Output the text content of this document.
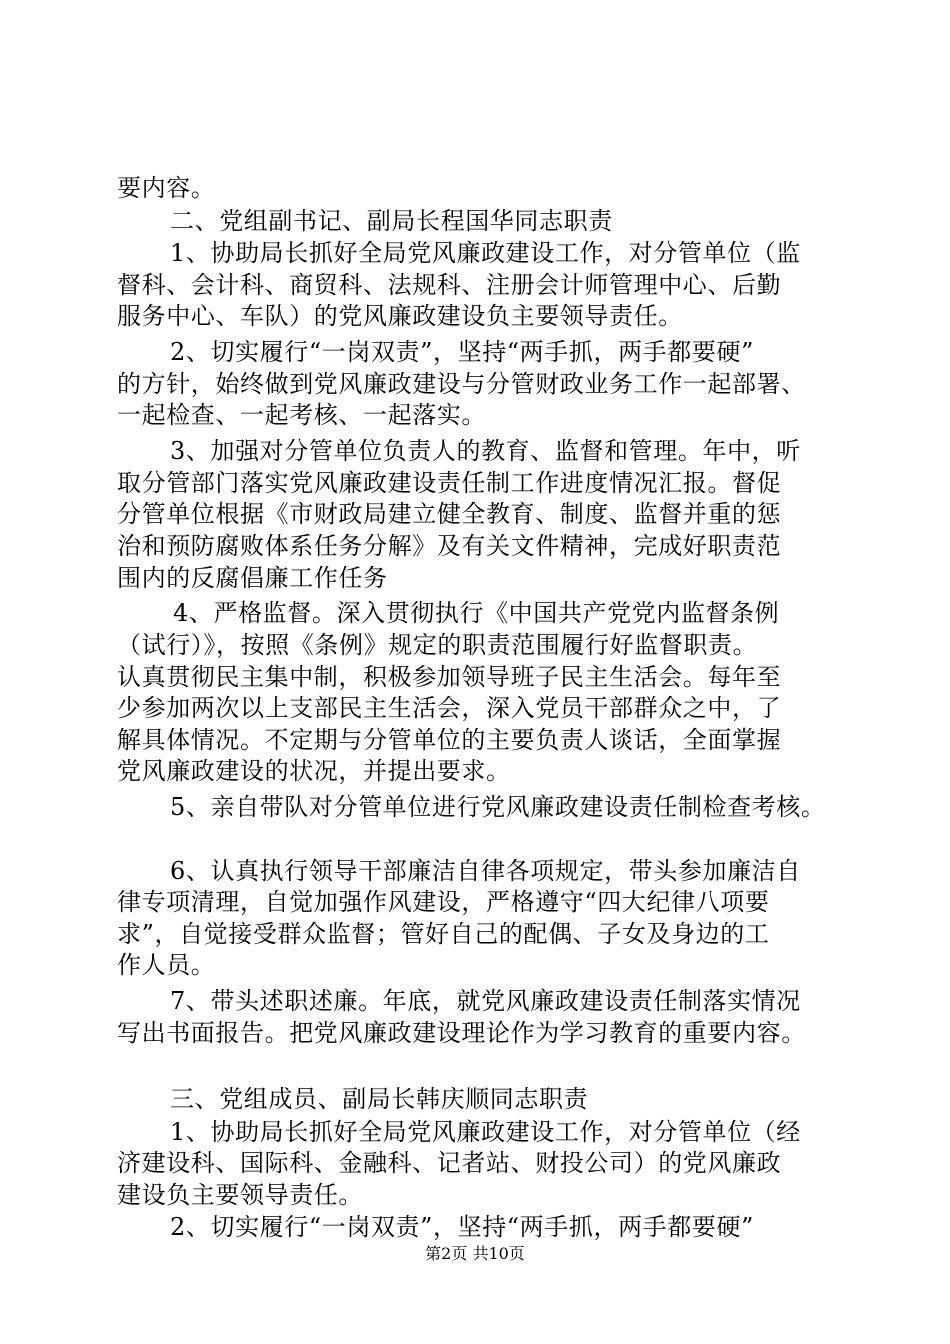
要内容。
二、党组副书记、副局长程国华同志职责
1、协助局长抓好全局党风廉政建设工作，对分管单位（监
督科、会计科、商贸科、法规科、注册会计师管理中心、后勤
服务中心、车队）的党风廉政建设负主要领导责任。
2、切实履行“一岗双责”，坚持“两手抓，两手都要硬”
的方针，始终做到党风廉政建设与分管财政业务工作一起部署、
一起检查、一起考核、一起落实。
3、加强对分管单位负责人的教育、监督和管理。年中，听
取分管部门落实党风廉政建设责任制工作进度情况汇报。督促
分管单位根据《市财政局建立健全教育、制度、监督并重的惩
治和预防腐败体系任务分解》及有关文件精神，完成好职责范
围内的反腐倡廉工作任务
4、严格监督。深入贯彻执行《中国共产党党内监督条例
（试行）》，按照《条例》规定的职责范围履行好监督职责。
认真贯彻民主集中制，积极参加领导班子民主生活会。每年至
少参加两次以上支部民主生活会，深入党员干部群众之中，了
解具体情况。不定期与分管单位的主要负责人谈话，全面掌握
党风廉政建设的状况，并提出要求。
5、亲自带队对分管单位进行党风廉政建设责任制检查考核。
6、认真执行领导干部廉洁自律各项规定，带头参加廉洁自
律专项清理，自觉加强作风建设，严格遵守“四大纪律八项要
求”，自觉接受群众监督；管好自己的配偶、子女及身边的工
作人员。
7、带头述职述廉。年底，就党风廉政建设责任制落实情况
写出书面报告。把党风廉政建设理论作为学习教育的重要内容。
三、党组成员、副局长韩庆顺同志职责
1、协助局长抓好全局党风廉政建设工作，对分管单位（经
济建设科、国际科、金融科、记者站、财投公司）的党风廉政
建设负主要领导责任。
2、切实履行“一岗双责”，坚持“两手抓，两手都要硬”
第2页 共10页
